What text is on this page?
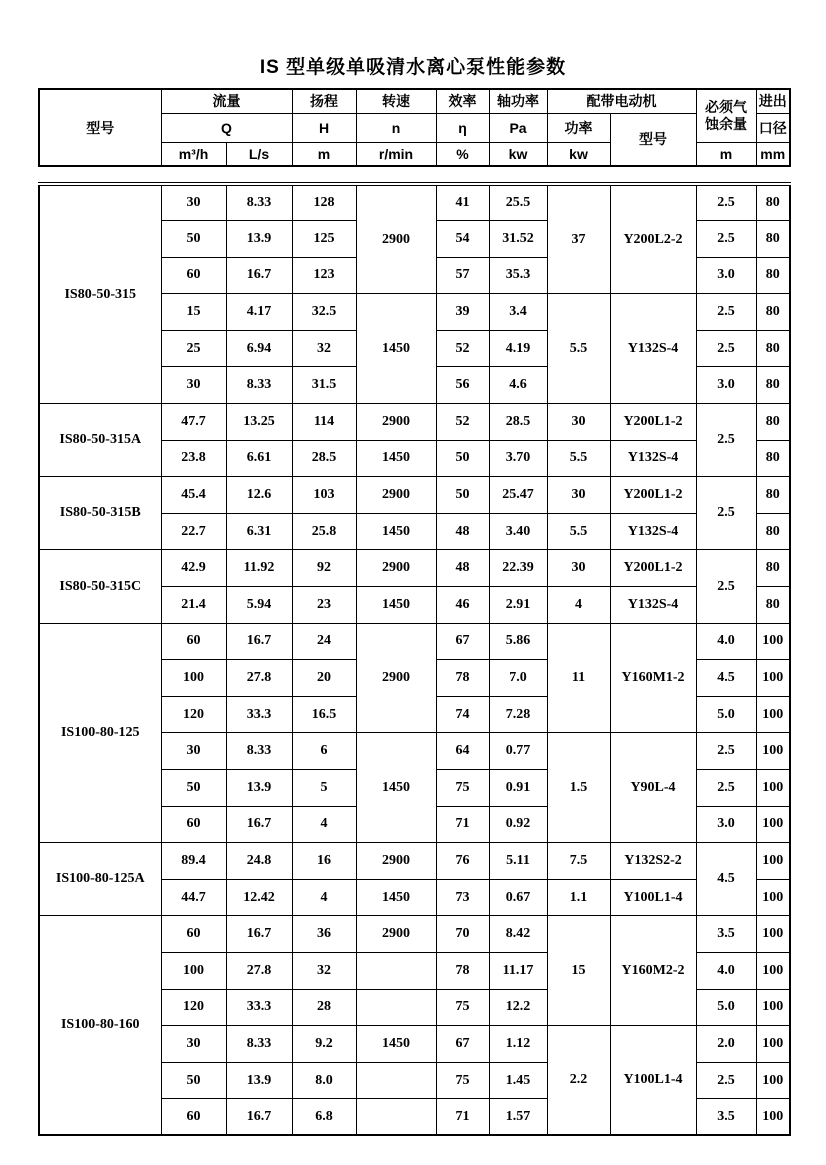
IS 型单级单吸清水离心泵性能参数
型号	流量		扬程	转速	效率	轴功率	配带电动机		必须气
蚀余量	进出
	Q		H	n	η	Pa	功率	型号		口径
	m³/h	L/s	m	r/min	%	kw	kw		m	mm
IS80-50-315	30	8.33	128	2900	41	25.5	37	Y200L2-2	2.5	80
	50	13.9	125		54	31.52			2.5	80
	60	16.7	123		57	35.3			3.0	80
	15	4.17	32.5	1450	39	3.4	5.5	Y132S-4	2.5	80
	25	6.94	32		52	4.19			2.5	80
	30	8.33	31.5		56	4.6			3.0	80
IS80-50-315A	47.7	13.25	114	2900	52	28.5	30	Y200L1-2	2.5	80
	23.8	6.61	28.5	1450	50	3.70	5.5	Y132S-4		80
IS80-50-315B	45.4	12.6	103	2900	50	25.47	30	Y200L1-2	2.5	80
	22.7	6.31	25.8	1450	48	3.40	5.5	Y132S-4		80
IS80-50-315C	42.9	11.92	92	2900	48	22.39	30	Y200L1-2	2.5	80
	21.4	5.94	23	1450	46	2.91	4	Y132S-4		80
IS100-80-125	60	16.7	24	2900	67	5.86	11	Y160M1-2	4.0	100
	100	27.8	20		78	7.0			4.5	100
	120	33.3	16.5		74	7.28			5.0	100
	30	8.33	6	1450	64	0.77	1.5	Y90L-4	2.5	100
	50	13.9	5		75	0.91			2.5	100
	60	16.7	4		71	0.92			3.0	100
IS100-80-125A	89.4	24.8	16	2900	76	5.11	7.5	Y132S2-2	4.5	100
	44.7	12.42	4	1450	73	0.67	1.1	Y100L1-4		100
IS100-80-160	60	16.7	36	2900	70	8.42	15	Y160M2-2	3.5	100
	100	27.8	32		78	11.17			4.0	100
	120	33.3	28		75	12.2			5.0	100
	30	8.33	9.2	1450	67	1.12	2.2	Y100L1-4	2.0	100
	50	13.9	8.0		75	1.45			2.5	100
	60	16.7	6.8		71	1.57			3.5	100
